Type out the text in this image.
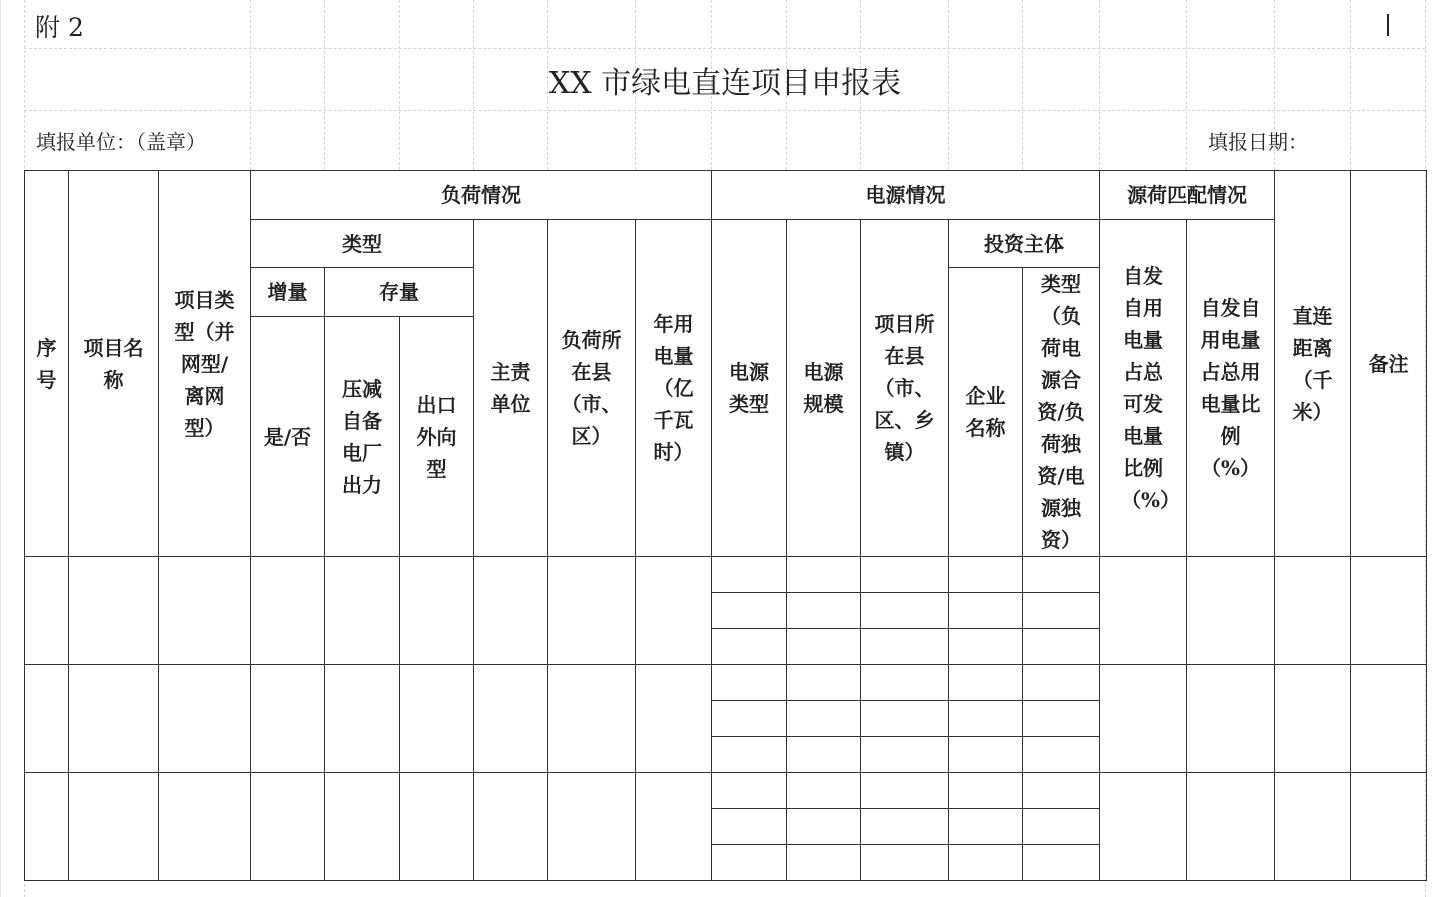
附 2
XX 市绿电直连项目申报表
填报单位：（盖章）	填报日期：
序号	项目名称	项目类型（并网型/离网型）	负荷情况						电源情况					源荷匹配情况		直连距离（千米）	备注
			类型			主责单位	负荷所在县（市、区）	年用电量（亿千瓦时）	电源类型	电源规模	项目所在县（市、区、乡镇）	投资主体		自发自用电量占总可发电量比例（%）	自发自用电量占总用电量比例（%）		
			增量	存量								企业名称	类型（负荷电源合资/负荷独资/电源独资）				
			是/否	压减自备电厂出力	出口外向型												
